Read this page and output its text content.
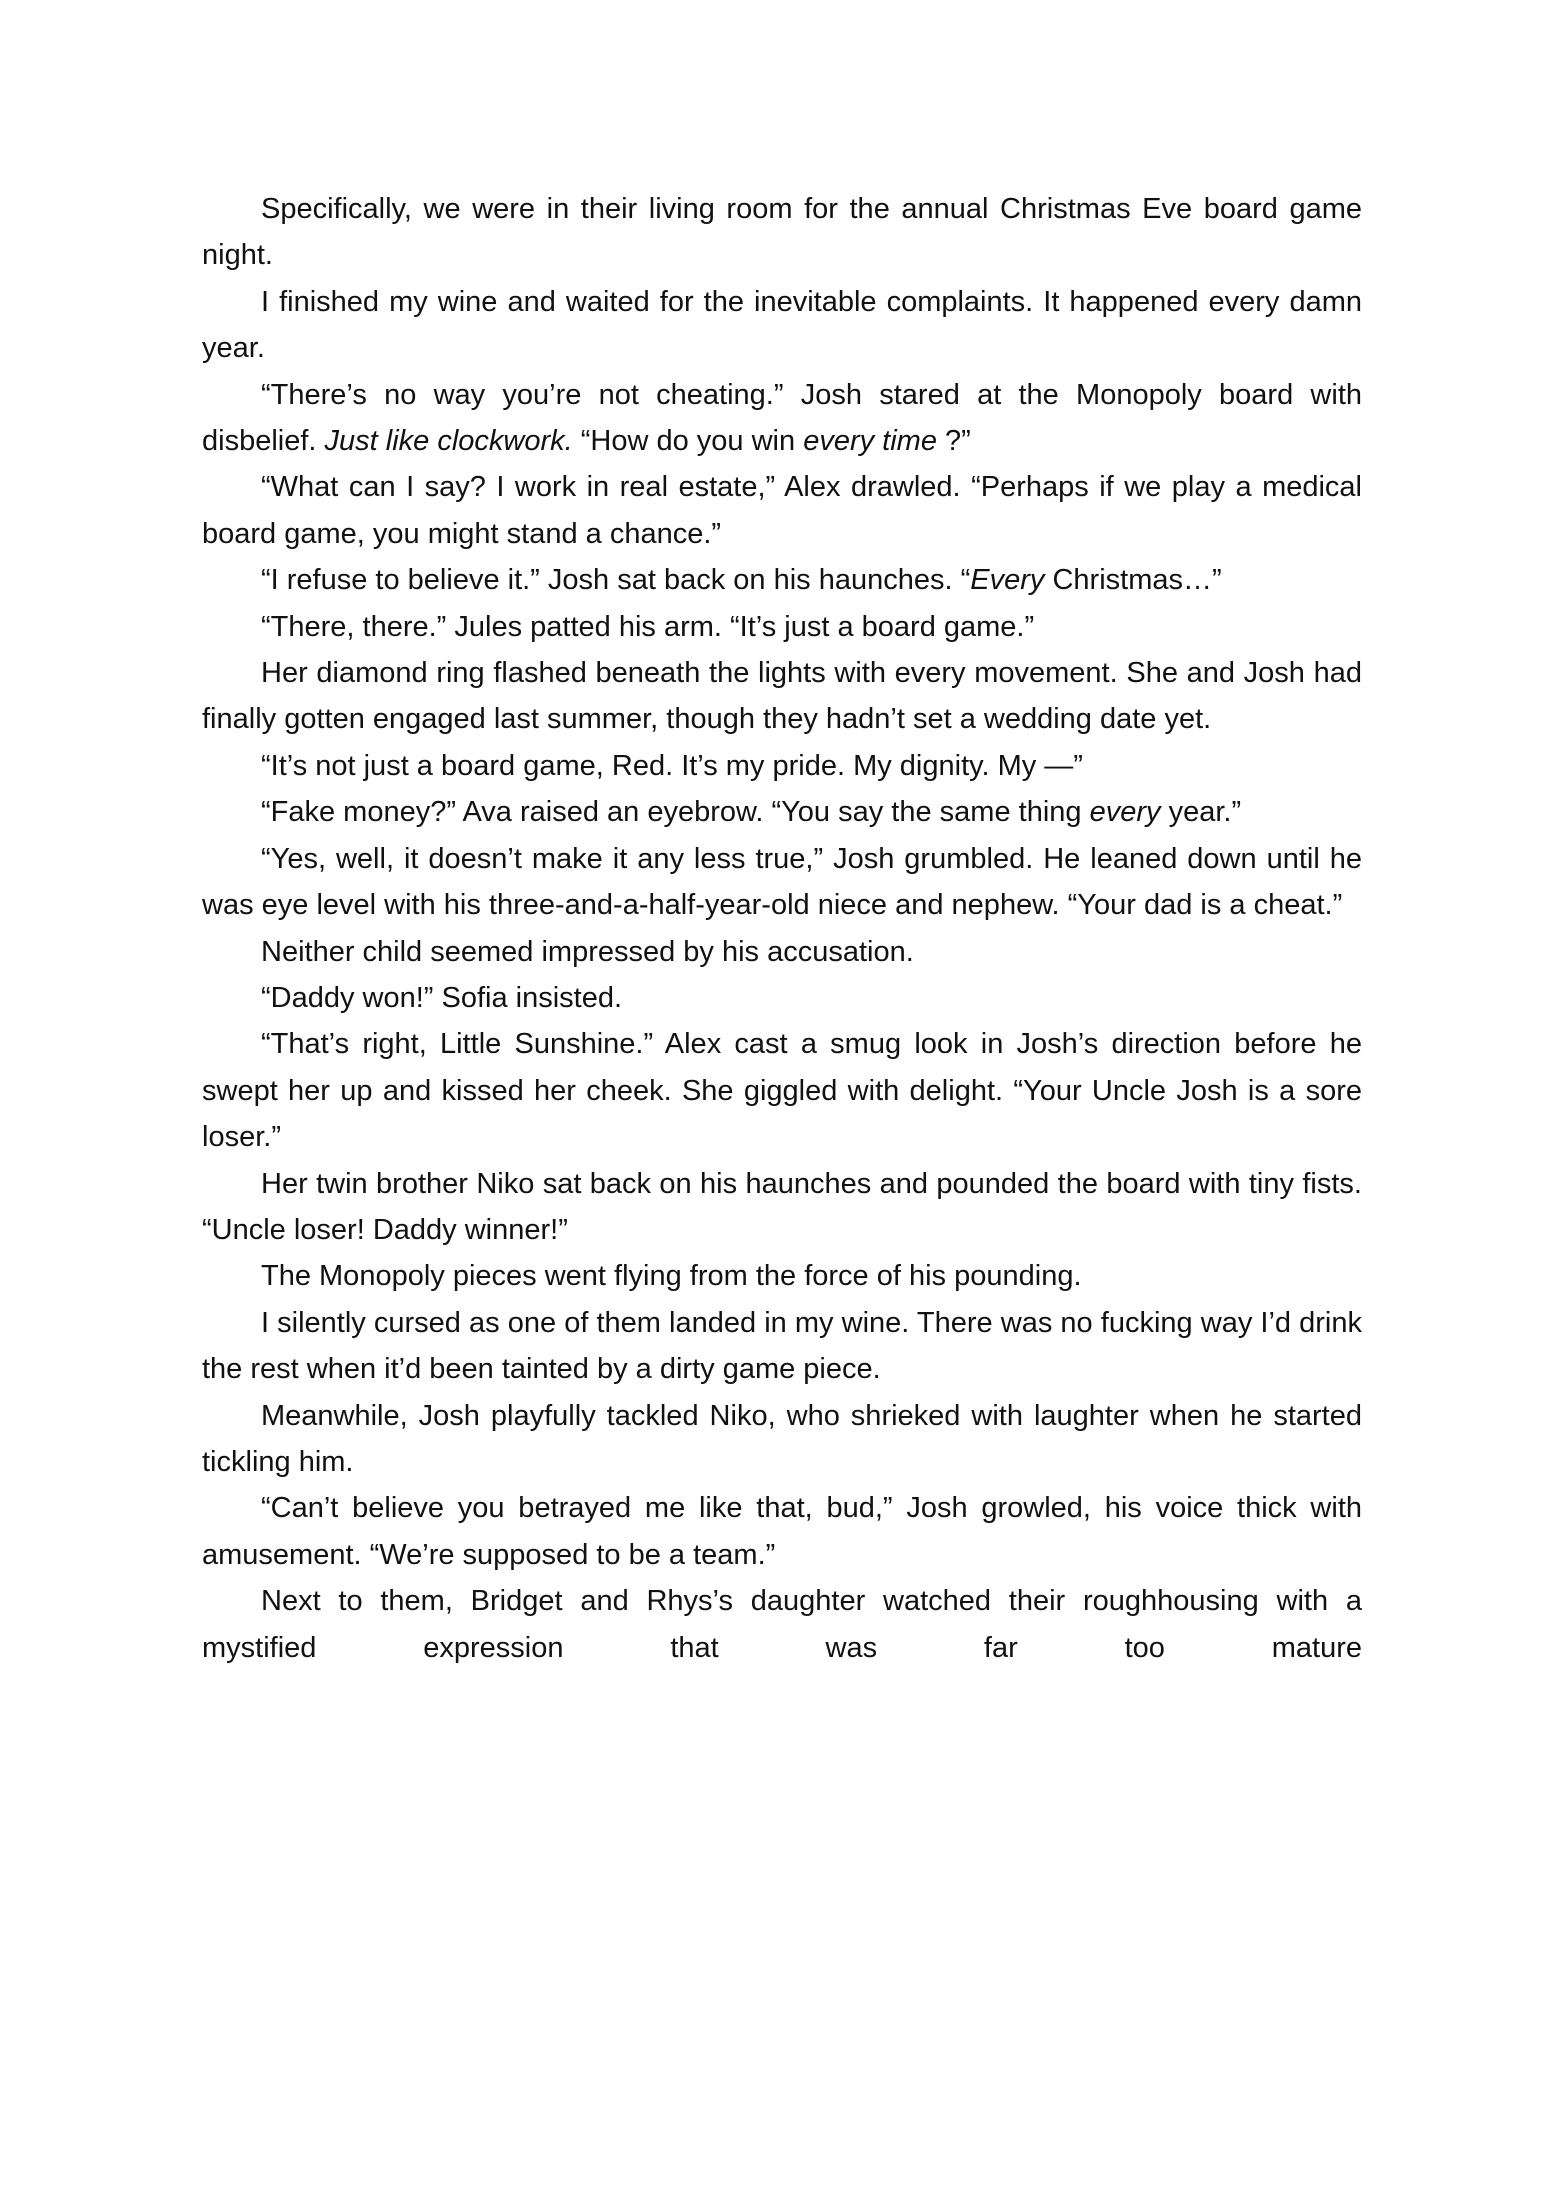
Specifically, we were in their living room for the annual Christmas Eve board game night.

I finished my wine and waited for the inevitable complaints. It happened every damn year.

“There’s no way you’re not cheating.” Josh stared at the Monopoly board with disbelief. Just like clockwork. “How do you win every time ?”

“What can I say? I work in real estate,” Alex drawled. “Perhaps if we play a medical board game, you might stand a chance.”

“I refuse to believe it.” Josh sat back on his haunches. “Every Christmas…”

“There, there.” Jules patted his arm. “It’s just a board game.”

Her diamond ring flashed beneath the lights with every movement. She and Josh had finally gotten engaged last summer, though they hadn’t set a wedding date yet.

“It’s not just a board game, Red. It’s my pride. My dignity. My —”

“Fake money?” Ava raised an eyebrow. “You say the same thing every year.”

“Yes, well, it doesn’t make it any less true,” Josh grumbled. He leaned down until he was eye level with his three-and-a-half-year-old niece and nephew. “Your dad is a cheat.”

Neither child seemed impressed by his accusation.

“Daddy won!” Sofia insisted.

“That’s right, Little Sunshine.” Alex cast a smug look in Josh’s direction before he swept her up and kissed her cheek. She giggled with delight. “Your Uncle Josh is a sore loser.”

Her twin brother Niko sat back on his haunches and pounded the board with tiny fists. “Uncle loser! Daddy winner!”

The Monopoly pieces went flying from the force of his pounding.

I silently cursed as one of them landed in my wine. There was no fucking way I’d drink the rest when it’d been tainted by a dirty game piece.

Meanwhile, Josh playfully tackled Niko, who shrieked with laughter when he started tickling him.

“Can’t believe you betrayed me like that, bud,” Josh growled, his voice thick with amusement. “We’re supposed to be a team.”

Next to them, Bridget and Rhys’s daughter watched their roughhousing with a mystified expression that was far too mature
